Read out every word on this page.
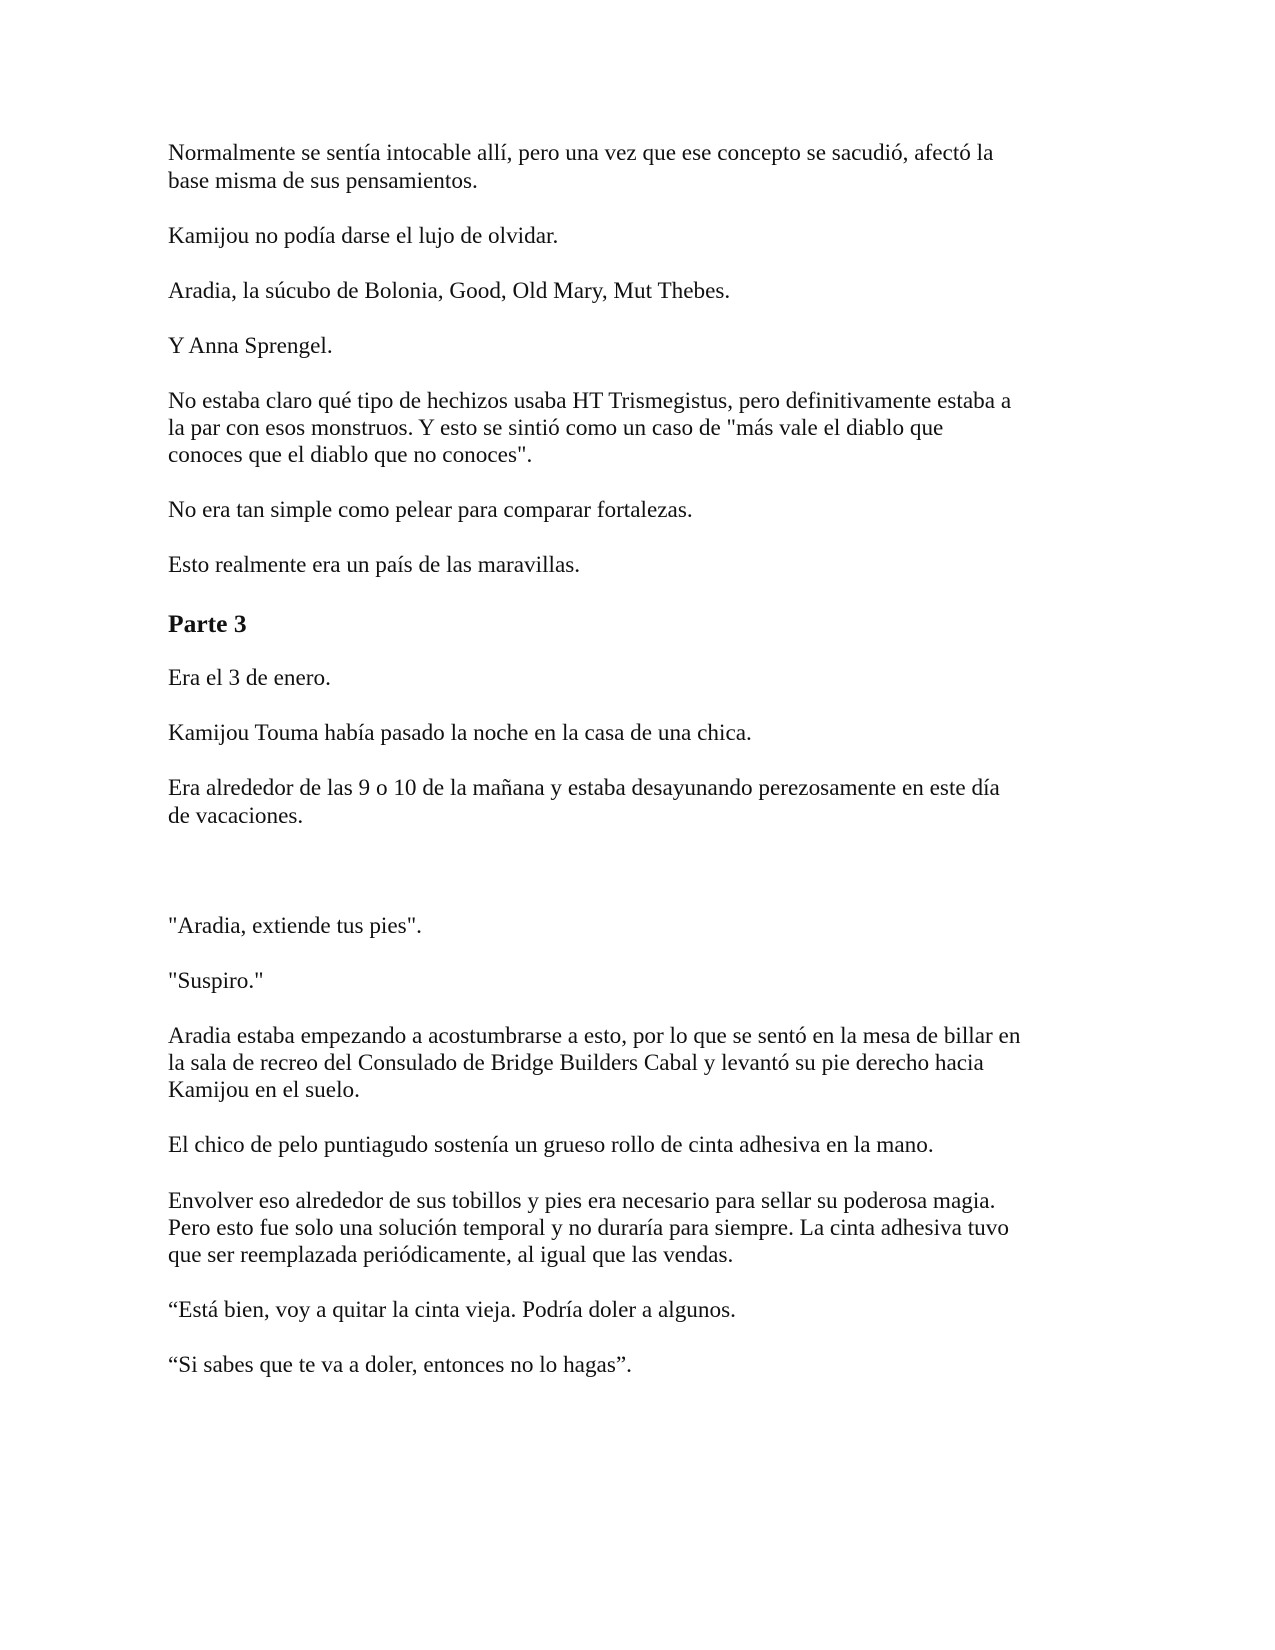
Normalmente se sentía intocable allí, pero una vez que ese concepto se sacudió, afectó la
base misma de sus pensamientos.
Kamijou no podía darse el lujo de olvidar.
Aradia, la súcubo de Bolonia, Good, Old Mary, Mut Thebes.
Y Anna Sprengel.
No estaba claro qué tipo de hechizos usaba HT Trismegistus, pero definitivamente estaba a
la par con esos monstruos. Y esto se sintió como un caso de "más vale el diablo que
conoces que el diablo que no conoces".
No era tan simple como pelear para comparar fortalezas.
Esto realmente era un país de las maravillas.
Parte 3
Era el 3 de enero.
Kamijou Touma había pasado la noche en la casa de una chica.
Era alrededor de las 9 o 10 de la mañana y estaba desayunando perezosamente en este día
de vacaciones.
"Aradia, extiende tus pies".
"Suspiro."
Aradia estaba empezando a acostumbrarse a esto, por lo que se sentó en la mesa de billar en
la sala de recreo del Consulado de Bridge Builders Cabal y levantó su pie derecho hacia
Kamijou en el suelo.
El chico de pelo puntiagudo sostenía un grueso rollo de cinta adhesiva en la mano.
Envolver eso alrededor de sus tobillos y pies era necesario para sellar su poderosa magia.
Pero esto fue solo una solución temporal y no duraría para siempre. La cinta adhesiva tuvo
que ser reemplazada periódicamente, al igual que las vendas.
“Está bien, voy a quitar la cinta vieja. Podría doler a algunos.
“Si sabes que te va a doler, entonces no lo hagas”.
